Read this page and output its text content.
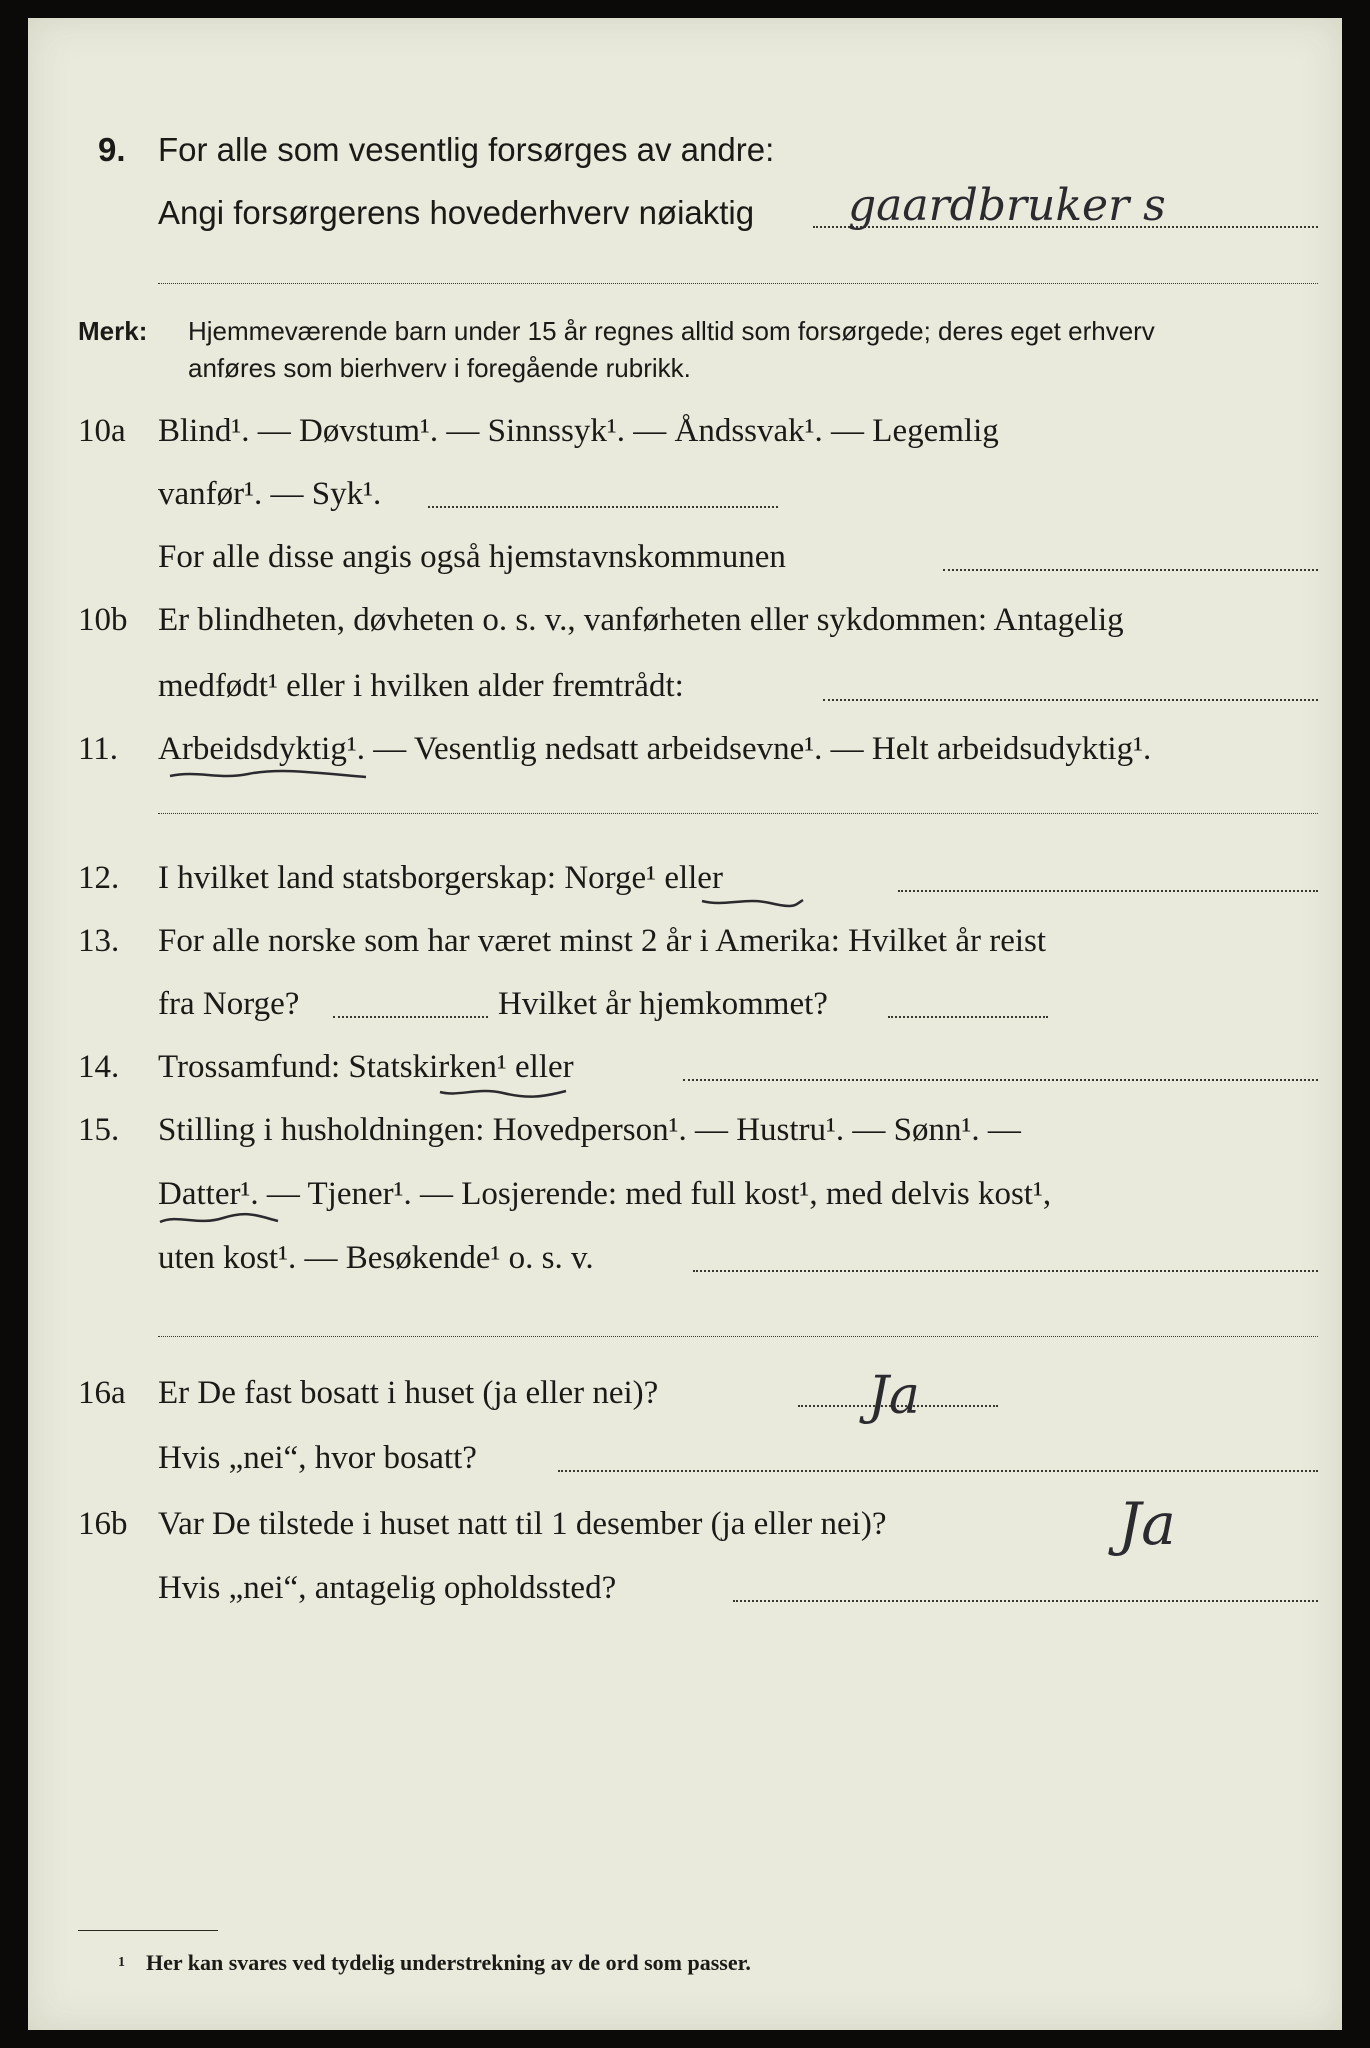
9. For alle som vesentlig forsørges av andre:
Angi forsørgerens hovederhverv nøiaktig gaardbruker s
Merk: Hjemmeværende barn under 15 år regnes alltid som forsørgede; deres eget erhverv
anføres som bierhverv i foregående rubrikk.
10a Blind¹. — Døvstum¹. — Sinnssyk¹. — Åndssvak¹. — Legemlig
vanfør¹. — Syk¹.
For alle disse angis også hjemstavnskommunen
10b Er blindheten, døvheten o. s. v., vanførheten eller sykdommen: Antagelig
medfødt¹ eller i hvilken alder fremtrådt:
11. Arbeidsdyktig¹. — Vesentlig nedsatt arbeidsevne¹. — Helt arbeidsudyktig¹.
12. I hvilket land statsborgerskap: Norge¹ eller
13. For alle norske som har været minst 2 år i Amerika: Hvilket år reist
fra Norge?	Hvilket år hjemkommet?
14. Trossamfund: Statskirken¹ eller
15. Stilling i husholdningen: Hovedperson¹. — Hustru¹. — Sønn¹. —
Datter¹. — Tjener¹. — Losjerende: med full kost¹, med delvis kost¹,
uten kost¹. — Besøkende¹ o. s. v.
16a Er De fast bosatt i huset (ja eller nei)?	Ja
Hvis „nei“, hvor bosatt?
16b Var De tilstede i huset natt til 1 desember (ja eller nei)?	Ja
Hvis „nei“, antagelig opholdssted?
1 Her kan svares ved tydelig understrekning av de ord som passer.
